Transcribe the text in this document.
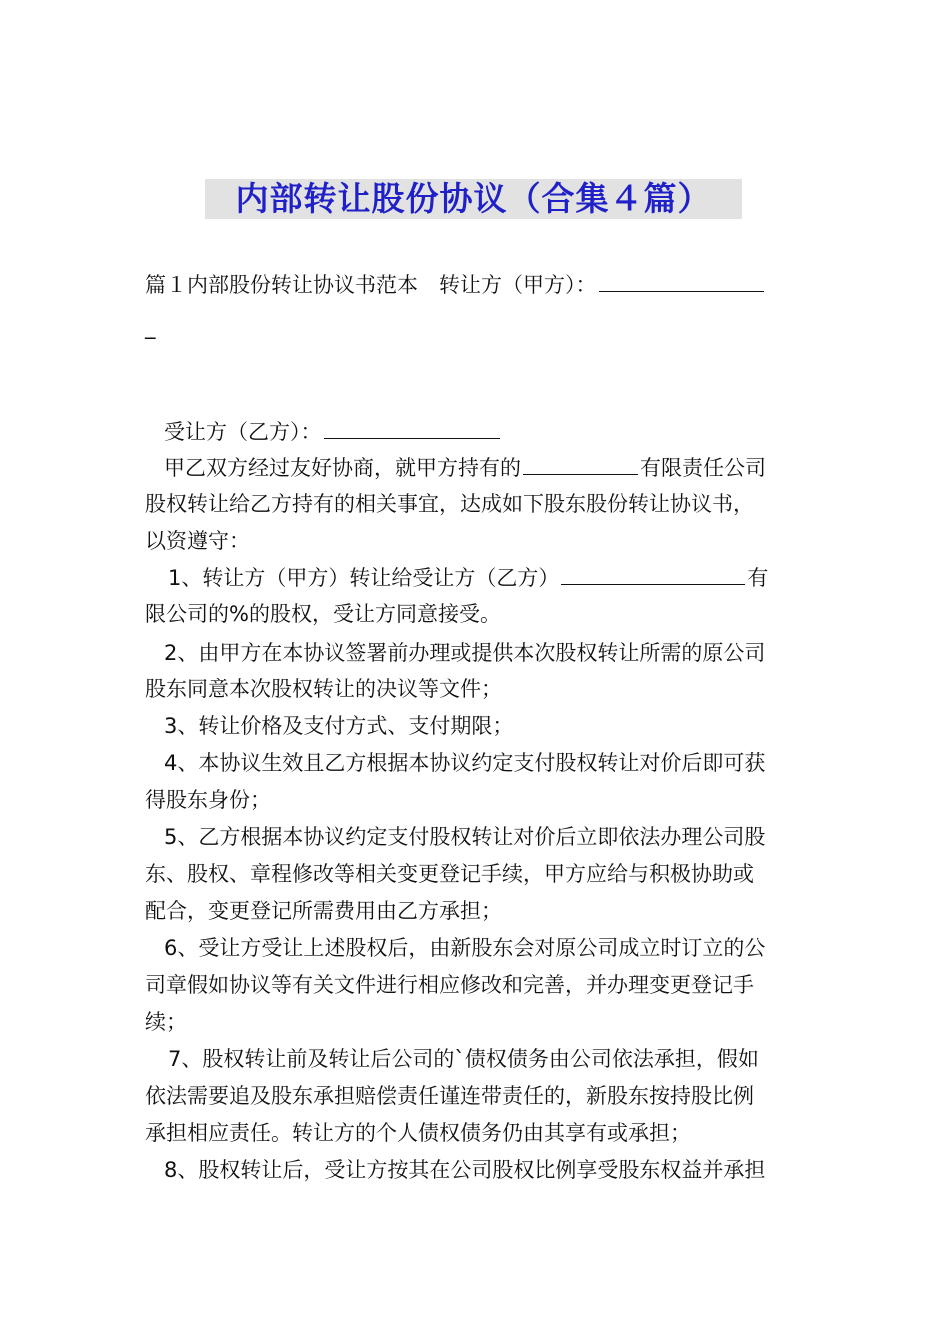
内部转让股份协议（合集４篇）
篇１内部股份转让协议书范本　转让方（甲方）：
_
受让方（乙方）：
甲乙双方经过友好协商，就甲方持有的	有限责任公司
股权转让给乙方持有的相关事宜，达成如下股东股份转让协议书，
以资遵守：
1、转让方（甲方）转让给受让方（乙方）	有
限公司的%的股权，受让方同意接受。
2、由甲方在本协议签署前办理或提供本次股权转让所需的原公司
股东同意本次股权转让的决议等文件；
3、转让价格及支付方式、支付期限；
4、本协议生效且乙方根据本协议约定支付股权转让对价后即可获
得股东身份；
5、乙方根据本协议约定支付股权转让对价后立即依法办理公司股
东、股权、章程修改等相关变更登记手续，甲方应给与积极协助或
配合，变更登记所需费用由乙方承担；
6、受让方受让上述股权后，由新股东会对原公司成立时订立的公
司章假如协议等有关文件进行相应修改和完善，并办理变更登记手
续；
7、股权转让前及转让后公司的`债权债务由公司依法承担，假如
依法需要追及股东承担赔偿责任谨连带责任的，新股东按持股比例
承担相应责任。转让方的个人债权债务仍由其享有或承担；
8、股权转让后，受让方按其在公司股权比例享受股东权益并承担
